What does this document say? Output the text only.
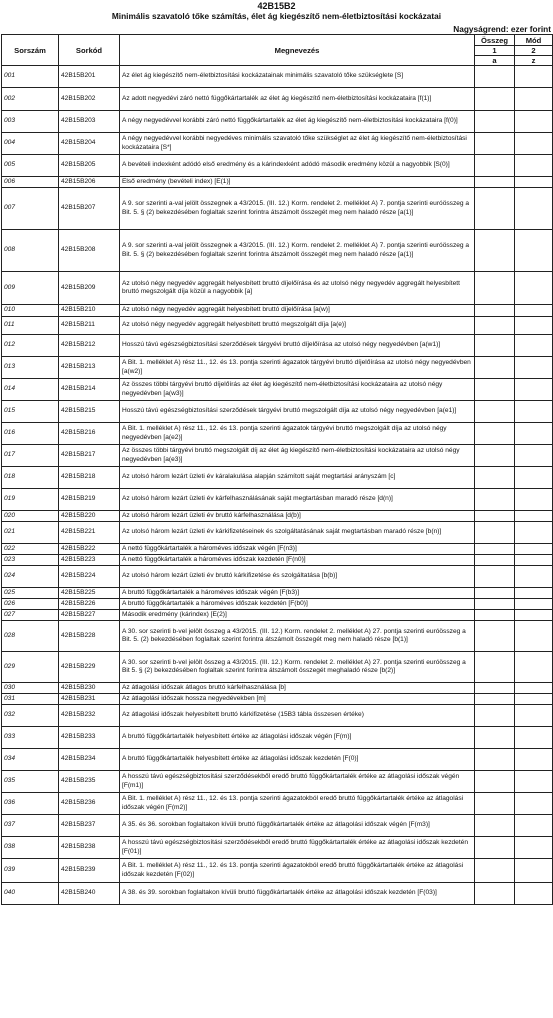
42B15B2
Minimális szavatoló tőke számítás, élet ág kiegészítő nem-életbiztosítási kockázatai
Nagyságrend: ezer forint
Sorszám	Sorkód	Megnevezés	Összeg	Mód
			1	2
			a	z
001	42B15B201	Az élet ág kiegészítő nem-életbiztosítási kockázatainak minimális szavatoló tőke szükséglete [S]		
002	42B15B202	Az adott negyedévi záró nettó függőkártartalék az élet ág kiegészítő nem-életbiztosítási kockázataira [f(1)]		
003	42B15B203	A négy negyedévvel korábbi záró nettó függőkártartalék az élet ág kiegészítő nem-életbiztosítási kockázataira [f(0)]		
004	42B15B204	A négy negyedévvel korábbi negyedéves minimális szavatoló tőke szükséglet az élet ág kiegészítő nem-életbiztosítási kockázataira [S*]		
005	42B15B205	A bevételi indexként adódó első eredmény és a kárindexként adódó második eredmény közül a nagyobbik [S(0)]		
006	42B15B206	Első eredmény (bevételi index) [E(1)]		
007	42B15B207	A 9. sor szerinti a-val jelölt összegnek a 43/2015. (III. 12.) Korm. rendelet 2. melléklet A) 7. pontja szerinti euróösszeg a Bit. 5. § (2) bekezdésében foglaltak szerint forintra átszámolt összegét meg nem haladó része [a(1)]		
008	42B15B208	A 9. sor szerinti a-val jelölt összegnek a 43/2015. (III. 12.) Korm. rendelet 2. melléklet A) 7. pontja szerinti euróösszeg a Bit. 5. § (2) bekezdésében foglaltak szerint forintra átszámolt összegét meg nem haladó része [a(1)]		
009	42B15B209	Az utolsó négy negyedév aggregált helyesbített bruttó díjelőírása és az utolsó négy negyedév aggregált helyesbített bruttó megszolgált díja közül a nagyobbik [a]		
010	42B15B210	Az utolsó négy negyedév aggregált helyesbített bruttó díjelőírása [a(w)]		
011	42B15B211	Az utolsó négy negyedév aggregált helyesbített bruttó megszolgált díja [a(e)]		
012	42B15B212	Hosszú távú egészségbiztosítási szerződések tárgyévi bruttó díjelőírása az utolsó négy negyedévben [a(w1)]		
013	42B15B213	A Bit. 1. melléklet A) rész 11., 12. és 13. pontja szerinti ágazatok tárgyévi bruttó díjelőírása az utolsó négy negyedévben [a(w2)]		
014	42B15B214	Az összes többi tárgyévi bruttó díjelőírás az élet ág kiegészítő nem-életbiztosítási kockázataira az utolsó négy negyedévben [a(w3)]		
015	42B15B215	Hosszú távú egészségbiztosítási szerződések tárgyévi bruttó megszolgált díja az utolsó négy negyedévben [a(e1)]		
016	42B15B216	A Bit. 1. melléklet A) rész 11., 12. és 13. pontja szerinti ágazatok tárgyévi bruttó megszolgált díja az utolsó négy negyedévben [a(e2)]		
017	42B15B217	Az összes többi tárgyévi bruttó megszolgált díj az élet ág kiegészítő nem-életbiztosítási kockázataira az utolsó négy negyedévben [a(e3)]		
018	42B15B218	Az utolsó három lezárt üzleti év káralakulása alapján számított saját megtartási arányszám [c]		
019	42B15B219	Az utolsó három lezárt üzleti év kárfelhasználásának saját megtartásban maradó része [d(n)]		
020	42B15B220	Az utolsó három lezárt üzleti év bruttó kárfelhasználása [d(b)]		
021	42B15B221	Az utolsó három lezárt üzleti év kárkifizetéseinek és szolgáltatásának saját megtartásban maradó része [b(n)]		
022	42B15B222	A nettó függőkártartalék a hároméves időszak végén [F(n3)]		
023	42B15B223	A nettó függőkártartalék a hároméves időszak kezdetén [F(n0)]		
024	42B15B224	Az utolsó három lezárt üzleti év bruttó kárkifizetése és szolgáltatása [b(b)]		
025	42B15B225	A bruttó függőkártartalék a hároméves időszak végén [F(b3)]		
026	42B15B226	A bruttó függőkártartalék a hároméves időszak kezdetén [F(b0)]		
027	42B15B227	Második eredmény (kárindex) [E(2)]		
028	42B15B228	A 30. sor szerinti b-vel jelölt összeg a 43/2015. (III. 12.) Korm. rendelet 2. melléklet A) 27. pontja szerinti euróösszeg a Bit. 5. (2) bekezdésében foglaltak szerint forintra átszámolt összegét meg nem haladó része [b(1)]		
029	42B15B229	A 30. sor szerinti b-vel jelölt összeg a 43/2015. (III. 12.) Korm. rendelet 2. melléklet A) 27. pontja szerinti euróösszeg a Bit 5. § (2) bekezdésében foglaltak szerint forintra átszámolt összegét meghaladó része [b(2)]		
030	42B15B230	Az átlagolási időszak átlagos bruttó kárfelhasználása [b]		
031	42B15B231	Az átlagolási időszak hossza negyedévekben [m]		
032	42B15B232	Az átlagolási időszak helyesbített bruttó kárkifizetése (15B3 tábla összesen értéke)		
033	42B15B233	A bruttó függőkártartalék helyesbített értéke az átlagolási időszak végén [F(m)]		
034	42B15B234	A bruttó függőkártartalék helyesbített értéke az átlagolási időszak kezdetén [F(0)]		
035	42B15B235	A hosszú távú egészségbiztosítási szerződésekből eredő bruttó függőkártartalék értéke az átlagolási időszak végén [F(m1)]		
036	42B15B236	A Bit. 1. melléklet A) rész 11., 12. és 13. pontja szerinti ágazatokból eredő bruttó függőkártartalék értéke az átlagolási időszak végén [F(m2)]		
037	42B15B237	A 35. és 36. sorokban foglaltakon kívüli bruttó függőkártartalék értéke az átlagolási időszak végén [F(m3)]		
038	42B15B238	A hosszú távú egészségbiztosítási szerződésekből eredő bruttó függőkártartalék értéke az átlagolási időszak kezdetén [F(01)]		
039	42B15B239	A Bit. 1. melléklet A) rész 11., 12. és 13. pontja szerinti ágazatokból eredő bruttó függőkártartalék értéke az átlagolási időszak kezdetén [F(02)]		
040	42B15B240	A 38. és 39. sorokban foglaltakon kívüli bruttó függőkártartalék értéke az átlagolási időszak kezdetén [F(03)]		
